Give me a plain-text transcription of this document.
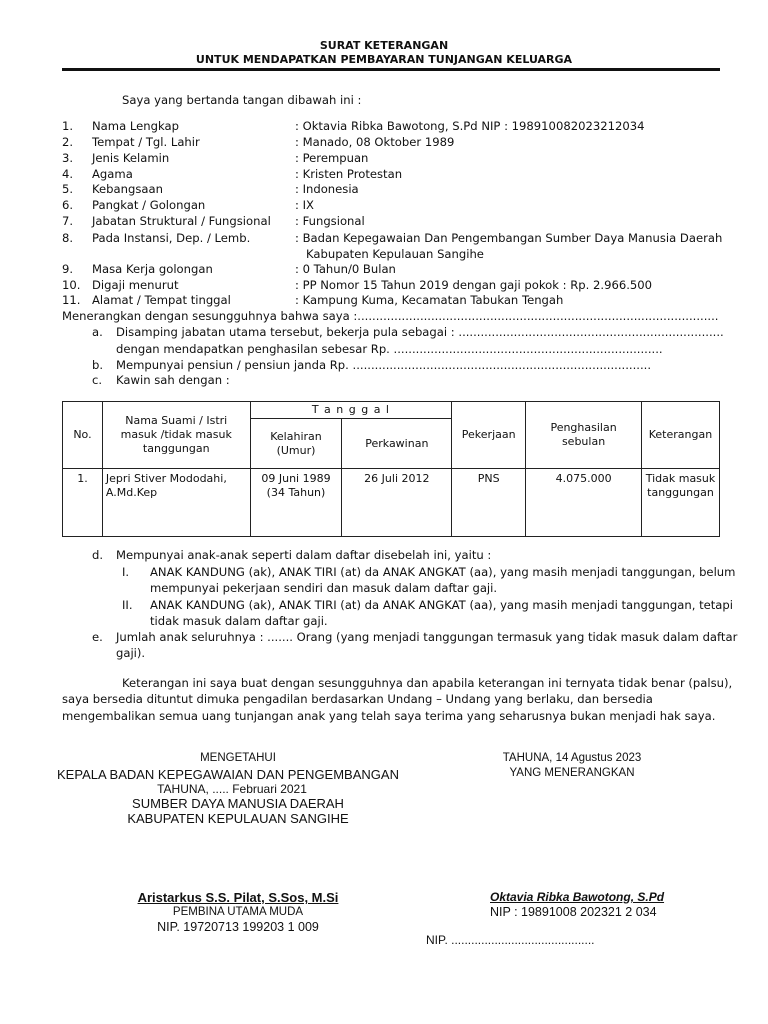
SURAT KETERANGAN
UNTUK MENDAPATKAN PEMBAYARAN TUNJANGAN KELUARGA
Saya yang bertanda tangan dibawah ini :
1. Nama Lengkap	: Oktavia Ribka Bawotong, S.Pd NIP : 198910082023212034
2. Tempat / Tgl. Lahir	: Manado, 08 Oktober 1989
3. Jenis Kelamin	: Perempuan
4. Agama	: Kristen Protestan
5. Kebangsaan	: Indonesia
6. Pangkat / Golongan	: IX
7. Jabatan Struktural / Fungsional : Fungsional
8. Pada Instansi, Dep. / Lemb.	: Badan Kepegawaian Dan Pengembangan Sumber Daya Manusia Daerah
Kabupaten Kepulauan Sangihe
9. Masa Kerja golongan	: 0 Tahun/0 Bulan
10. Digaji menurut	: PP Nomor 15 Tahun 2019 dengan gaji pokok : Rp. 2.966.500
11. Alamat / Tempat tinggal	: Kampung Kuma, Kecamatan Tabukan Tengah
Menerangkan dengan sesungguhnya bahwa saya :..................................................................................................
a. Disamping jabatan utama tersebut, bekerja pula sebagai : ........................................................................
dengan mendapatkan penghasilan sebesar Rp. .........................................................................
b. Mempunyai pensiun / pensiun janda Rp. .................................................................................
c. Kawin sah dengan :
No.	Nama Suami / Istri masuk /tidak masuk tanggungan	T a n g g a l		Pekerjaan	Penghasilan sebulan	Keterangan
		Kelahiran (Umur)	Perkawinan			
1.	Jepri Stiver Mododahi, A.Md.Kep	09 Juni 1989 (34 Tahun)	26 Juli 2012	PNS	4.075.000	Tidak masuk tanggungan
d. Mempunyai anak-anak seperti dalam daftar disebelah ini, yaitu :
I. ANAK KANDUNG (ak), ANAK TIRI (at) da ANAK ANGKAT (aa), yang masih menjadi tanggungan, belum
mempunyai pekerjaan sendiri dan masuk dalam daftar gaji.
II. ANAK KANDUNG (ak), ANAK TIRI (at) da ANAK ANGKAT (aa), yang masih menjadi tanggungan, tetapi
tidak masuk dalam daftar gaji.
e. Jumlah anak seluruhnya : ....... Orang (yang menjadi tanggungan termasuk yang tidak masuk dalam daftar
gaji).
Keterangan ini saya buat dengan sesungguhnya dan apabila keterangan ini ternyata tidak benar (palsu),
saya bersedia dituntut dimuka pengadilan berdasarkan Undang – Undang yang berlaku, dan bersedia
mengembalikan semua uang tunjangan anak yang telah saya terima yang seharusnya bukan menjadi hak saya.
MENGETAHUI
KEPALA BADAN KEPEGAWAIAN DAN PENGEMBANGAN
TAHUNA, ..... Februari 2021
SUMBER DAYA MANUSIA DAERAH
KABUPATEN KEPULAUAN SANGIHE
Aristarkus S.S. Pilat, S.Sos, M.Si
PEMBINA UTAMA MUDA
NIP. 19720713 199203 1 009
TAHUNA, 14 Agustus 2023
YANG MENERANGKAN
Oktavia Ribka Bawotong, S.Pd
NIP : 19891008 202321 2 034
NIP. ...........................................
